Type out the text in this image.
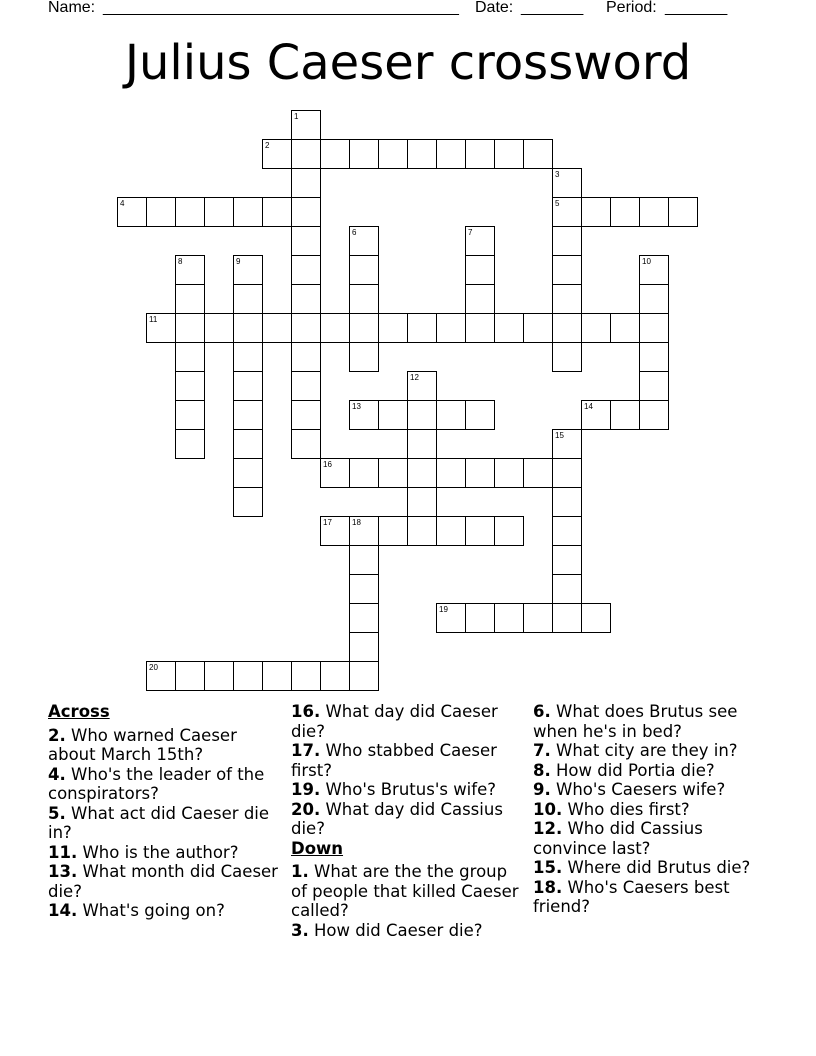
Name: ________________________________________ Date: _______ Period: _______
Julius Caeser crossword
1
2
3
5
4
6	7
8	9	10
11
12
13	14
15
16
17	18
19
20

Across

2. Who warned Caeser about March 15th?

4. Who's the leader of the conspirators?

5. What act did Caeser die in?

11. Who is the author?

13. What month did Caeser die?

14. What's going on?

16. What day did Caeser die?

17. Who stabbed Caeser first?

19. Who's Brutus's wife?

20. What day did Cassius die?

Down

1. What are the the group of people that killed Caeser called?

3. How did Caeser die?

6. What does Brutus see when he's in bed?

7. What city are they in?

8. How did Portia die?

9. Who's Caesers wife?

10. Who dies first?

12. Who did Cassius convince last?

15. Where did Brutus die?

18. Who's Caesers best friend?
